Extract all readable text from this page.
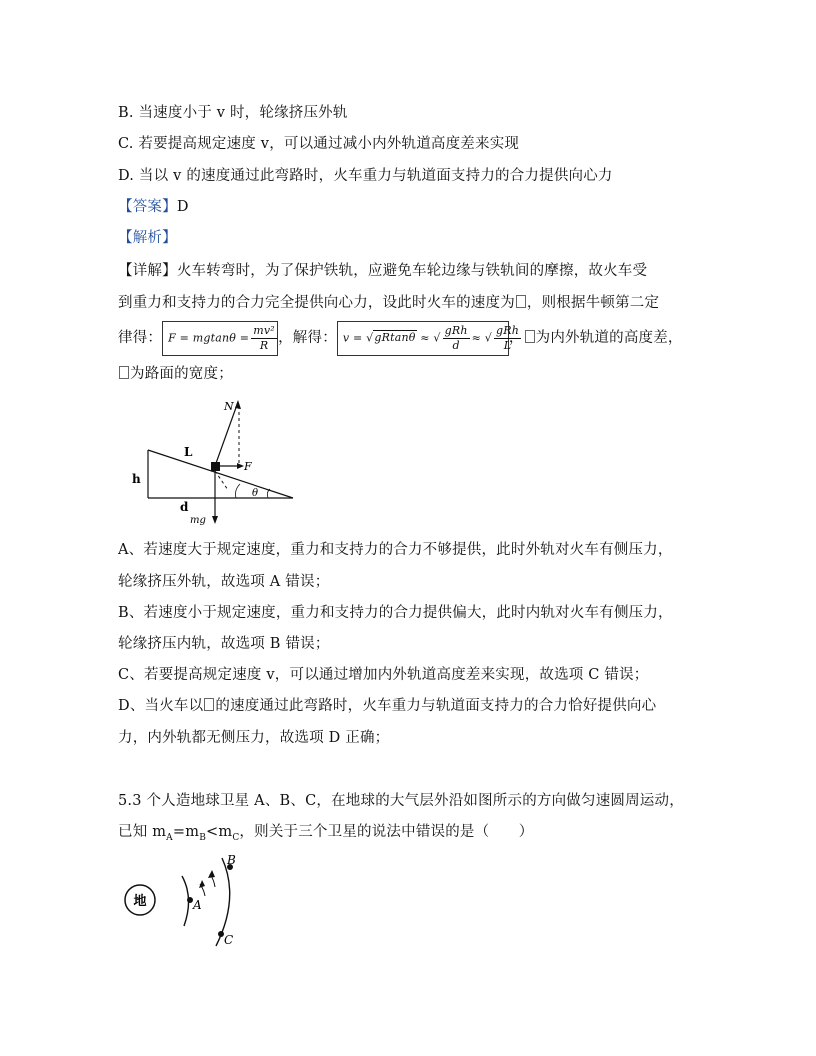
B. 当速度小于 v 时，轮缘挤压外轨
C. 若要提高规定速度 v，可以通过减小内外轨道高度差来实现
D. 当以 v 的速度通过此弯路时，火车重力与轨道面支持力的合力提供向心力
【答案】D
【解析】
【详解】火车转弯时，为了保护铁轨，应避免车轮边缘与铁轨间的摩擦，故火车受
到重力和支持力的合力完全提供向心力，设此时火车的速度为 ，则根据牛顿第二定
律得： $F = mgtan\theta = \frac{\text{mv²}}{R}$ ，解得： v = √gRtanθ ≈ √ $\frac{\text{gRh}}{d}$ ≈ √ $\frac{\text{gRh}}{L}$
， 为内外轨道的高度差，
为路面的宽度；
N
L
F
h
d
mg
θ
A、若速度大于规定速度，重力和支持力的合力不够提供，此时外轨对火车有侧压力，
轮缘挤压外轨，故选项 A 错误；
B、若速度小于规定速度，重力和支持力的合力提供偏大，此时内轨对火车有侧压力，
轮缘挤压内轨，故选项 B 错误；
C、若要提高规定速度 v，可以通过增加内外轨道高度差来实现，故选项 C 错误；
D、当火车以 的速度通过此弯路时，火车重力与轨道面支持力的合力恰好提供向心
力，内外轨都无侧压力，故选项 D 正确；
5.3 个人造地球卫星 A、B、C，在地球的大气层外沿如图所示的方向做匀速圆周运动，
已知 $m_A=m_B<m_C$，则关于三个卫星的说法中错误的是（　　）
地	A
B
C
